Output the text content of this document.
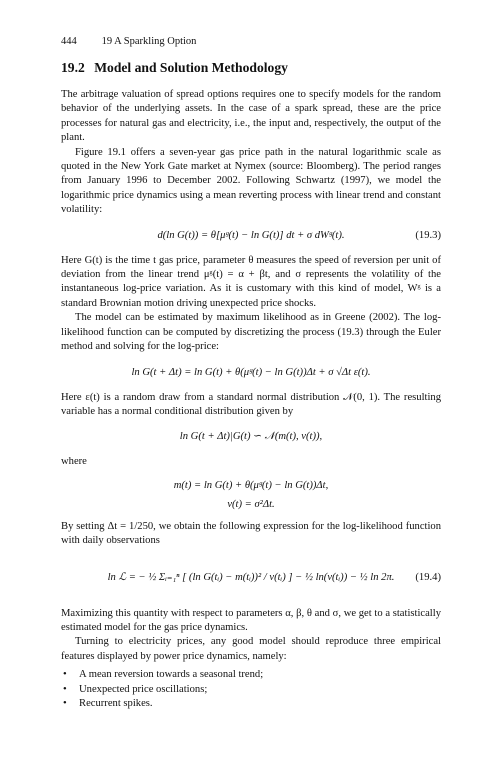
444 19 A Sparkling Option
19.2 Model and Solution Methodology

The arbitrage valuation of spread options requires one to specify models for the random behavior of the underlying assets. In the case of a spark spread, these are the price processes for natural gas and electricity, i.e., the input and, respectively, the output of the plant.

Figure 19.1 offers a seven-year gas price path in the natural logarithmic scale as quoted in the New York Gate market at Nymex (source: Bloomberg). The period ranges from January 1996 to December 2002. Following Schwartz (1997), we model the logarithmic price dynamics using a mean reverting process with linear trend and constant volatility:

d(ln G(t)) = θ[μᵍ(t) − ln G(t)] dt + σ dWᵍ(t).	(19.3)

Here G(t) is the time t gas price, parameter θ measures the speed of reversion per unit of deviation from the linear trend μᵍ(t) = α + βt, and σ represents the volatility of the instantaneous log-price variation. As it is customary with this kind of model, Wᵍ is a standard Brownian motion driving unexpected price shocks.

The model can be estimated by maximum likelihood as in Greene (2002). The log-likelihood function can be computed by discretizing the process (19.3) through the Euler method and solving for the log-price:

ln G(t + Δt) = ln G(t) + θ(μᵍ(t) − ln G(t))Δt + σ √Δt ε(t).

Here ε(t) is a random draw from a standard normal distribution 𝒩(0, 1). The resulting variable has a normal conditional distribution given by

ln G(t + Δt)|G(t) ∽ 𝒩(m(t), v(t)),

where

m(t) = ln G(t) + θ(μᵍ(t) − ln G(t))Δt,
v(t) = σ²Δt.

By setting Δt = 1/250, we obtain the following expression for the log-likelihood function with daily observations

ln ℒ = − ½ Σᵢ₌₁ⁿ [ (ln G(tᵢ) − m(tᵢ))² / v(tᵢ) ] − ½ ln(v(tᵢ)) − ½ ln 2π. (19.4)

Maximizing this quantity with respect to parameters α, β, θ and σ, we get to a statistically estimated model for the gas price dynamics.

Turning to electricity prices, any good model should reproduce three empirical features displayed by power price dynamics, namely:

• A mean reversion towards a seasonal trend;
• Unexpected price oscillations;
• Recurrent spikes.
